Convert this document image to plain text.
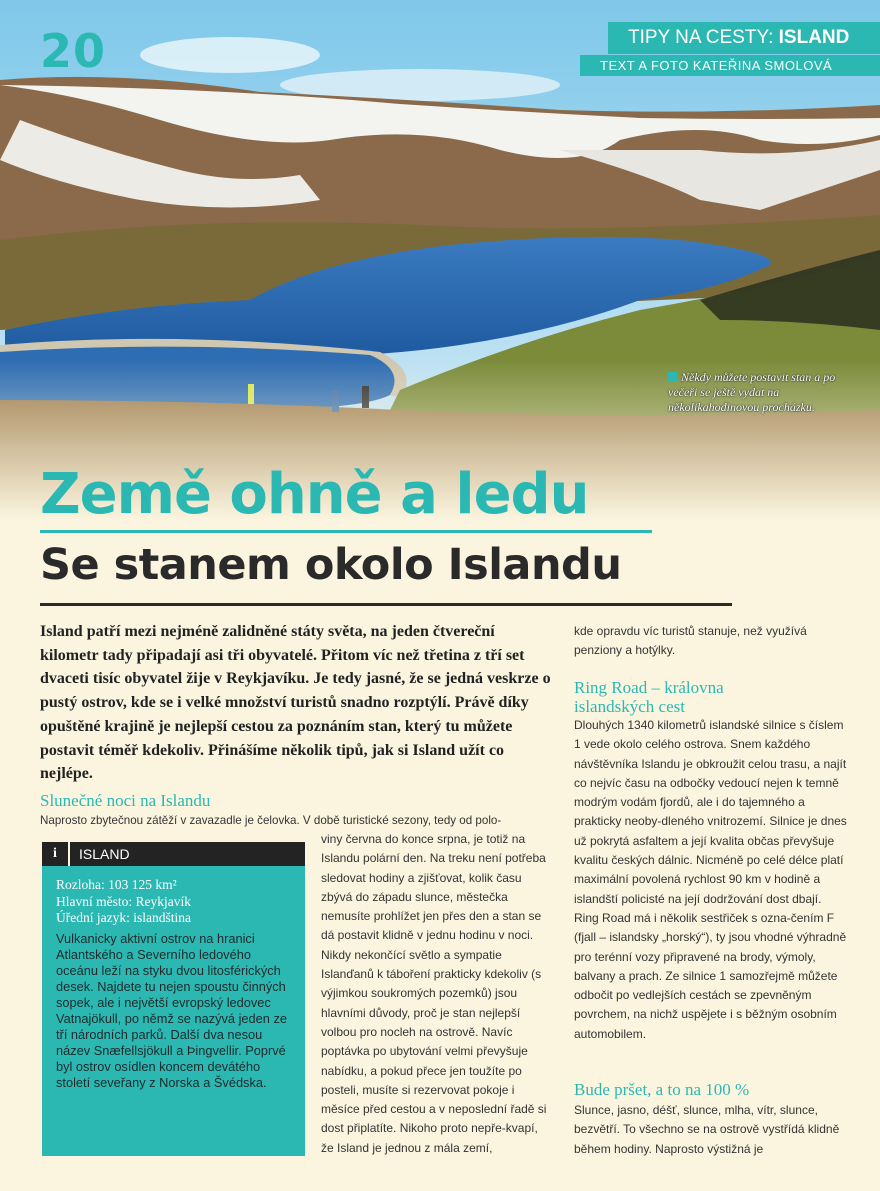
20	TIPY NA CESTY: ISLAND
TEXT A FOTO KATEŘINA SMOLOVÁ
Někdy můžete postavit stan a po večeři se ještě vydat na několikahodinovou procházku.
Země ohně a ledu
Se stanem okolo Islandu
Island patří mezi nejméně zalidněné státy světa, na jeden čtvereční kilometr tady připadají asi tři obyvatelé. Přitom víc než třetina z tří set dvaceti tisíc obyvatel žije v Reykjavíku. Je tedy jasné, že se jedná veskrze o pustý ostrov, kde se i velké množství turistů snadno rozptýlí. Právě díky opuštěné krajině je nejlepší cestou za poznáním stan, který tu můžete postavit téměř kdekoliv. Přinášíme několik tipů, jak si Island užít co nejlépe.
Slunečné noci na Islandu
Naprosto zbytečnou zátěží v zavazadle je čelovka. V době turistické sezony, tedy od polo-
viny června do konce srpna, je totiž na Islandu polární den. Na treku není potřeba sledovat hodiny a zjišťovat, kolik času zbývá do západu slunce, městečka nemusíte prohlížet jen přes den a stan se dá postavit klidně v jednu hodinu v noci. Nikdy nekončící světlo a sympatie Islanďanů k táboření prakticky kdekoliv (s výjimkou soukromých pozemků) jsou hlavními důvody, proč je stan nejlepší volbou pro nocleh na ostrově. Navíc poptávka po ubytování velmi převyšuje nabídku, a pokud přece jen toužíte po posteli, musíte si rezervovat pokoje i měsíce před cestou a v neposlední řadě si dost připlatíte. Nikoho proto nepře-kvapí, že Island je jednou z mála zemí,
i	ISLAND
Rozloha: 103 125 km²
Hlavní město: Reykjavík
Úřední jazyk: islandština
Vulkanicky aktivní ostrov na hranici Atlantského a Severního ledového oceánu leží na styku dvou litosférických desek. Najdete tu nejen spoustu činných sopek, ale i největší evropský ledovec Vatnajökull, po němž se nazývá jeden ze tří národních parků. Další dva nesou název Snæfellsjökull a Þingvellir. Poprvé byl ostrov osídlen koncem devátého století seveřany z Norska a Švédska.
kde opravdu víc turistů stanuje, než využívá penziony a hotýlky.
Ring Road – královna islandských cest
Dlouhých 1340 kilometrů islandské silnice s číslem 1 vede okolo celého ostrova. Snem každého návštěvníka Islandu je obkroužit celou trasu, a najít co nejvíc času na odbočky vedoucí nejen k temně modrým vodám fjordů, ale i do tajemného a prakticky neoby-dleného vnitrozemí. Silnice je dnes už pokrytá asfaltem a její kvalita občas převyšuje kvalitu českých dálnic. Nicméně po celé délce platí maximální povolená rychlost 90 km v hodině a islandští policisté na její dodržování dost dbají. Ring Road má i několik sestřiček s ozna-čením F (fjall – islandsky „horský“), ty jsou vhodné výhradně pro terénní vozy připravené na brody, výmoly, balvany a prach. Ze silnice 1 samozřejmě můžete odbočit po vedlejších cestách se zpevněným povrchem, na nichž uspějete i s běžným osobním automobilem.
Bude pršet, a to na 100 %
Slunce, jasno, déšť, slunce, mlha, vítr, slunce, bezvětří. To všechno se na ostrově vystřídá klidně během hodiny. Naprosto výstižná je
